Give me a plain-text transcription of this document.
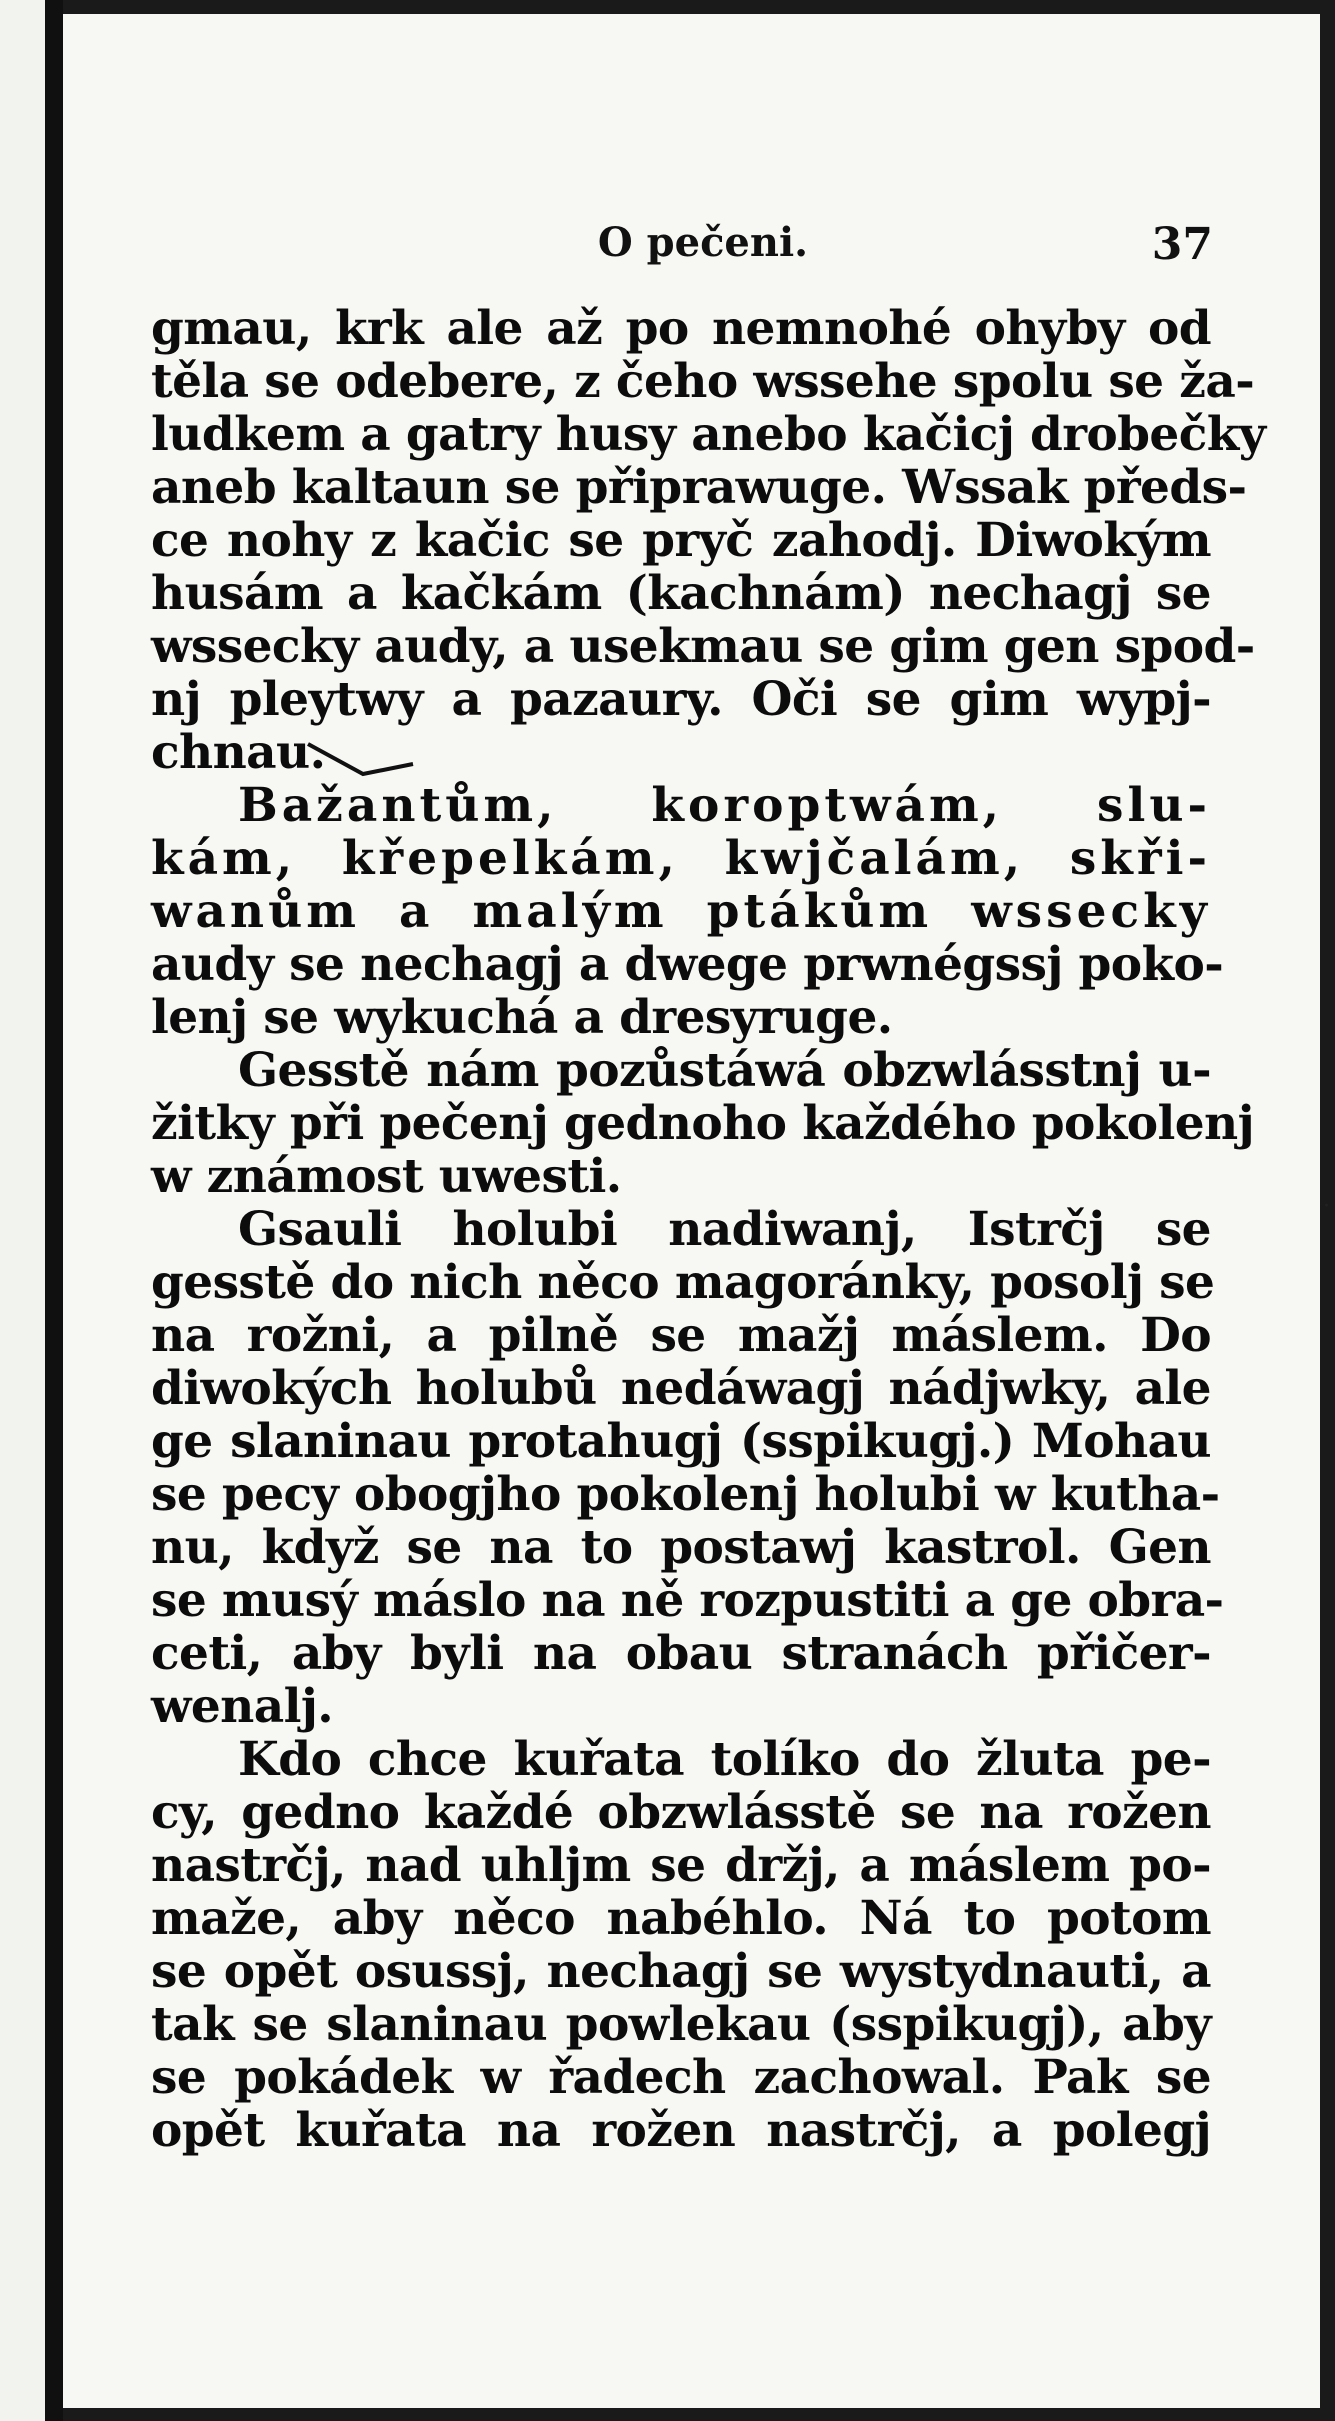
O pečeni.	37
gmau, krk ale až po nemnohé ohyby od
těla se odebere, z čeho wssehe spolu se ža-
ludkem a gatry husy anebo kačicj drobečky
aneb kaltaun se připrawuge. Wssak předs-
ce nohy z kačic se pryč zahodj. Diwokým
husám a kačkám (kachnám) nechagj se
wssecky audy, a usekmau se gim gen spod-
nj pleytwy a pazaury. Oči se gim wypj-
chnau.
Bažantům, koroptwám, slu-
kám, křepelkám, kwjčalám, skři-
wanům a malým ptákům wssecky
audy se nechagj a dwege prwnégssj poko-
lenj se wykuchá a dresyruge.
Gesstě nám pozůstáwá obzwlásstnj u-
žitky při pečenj gednoho každého pokolenj
w známost uwesti.
Gsauli holubi nadiwanj, Istrčj se
gesstě do nich něco magoránky, posolj se
na rožni, a pilně se mažj máslem. Do
diwokých holubů nedáwagj nádjwky, ale
ge slaninau protahugj (sspikugj.) Mohau
se pecy obogjho pokolenj holubi w kutha-
nu, když se na to postawj kastrol. Gen
se musý máslo na ně rozpustiti a ge obra-
ceti, aby byli na obau stranách přičer-
wenalj.
Kdo chce kuřata tolíko do žluta pe-
cy, gedno každé obzwlásstě se na rožen
nastrčj, nad uhljm se držj, a máslem po-
maže, aby něco nabéhlo. Ná to potom
se opět osussj, nechagj se wystydnauti, a
tak se slaninau powlekau (sspikugj), aby
se pokádek w řadech zachowal. Pak se
opět kuřata na rožen nastrčj, a polegj
·
